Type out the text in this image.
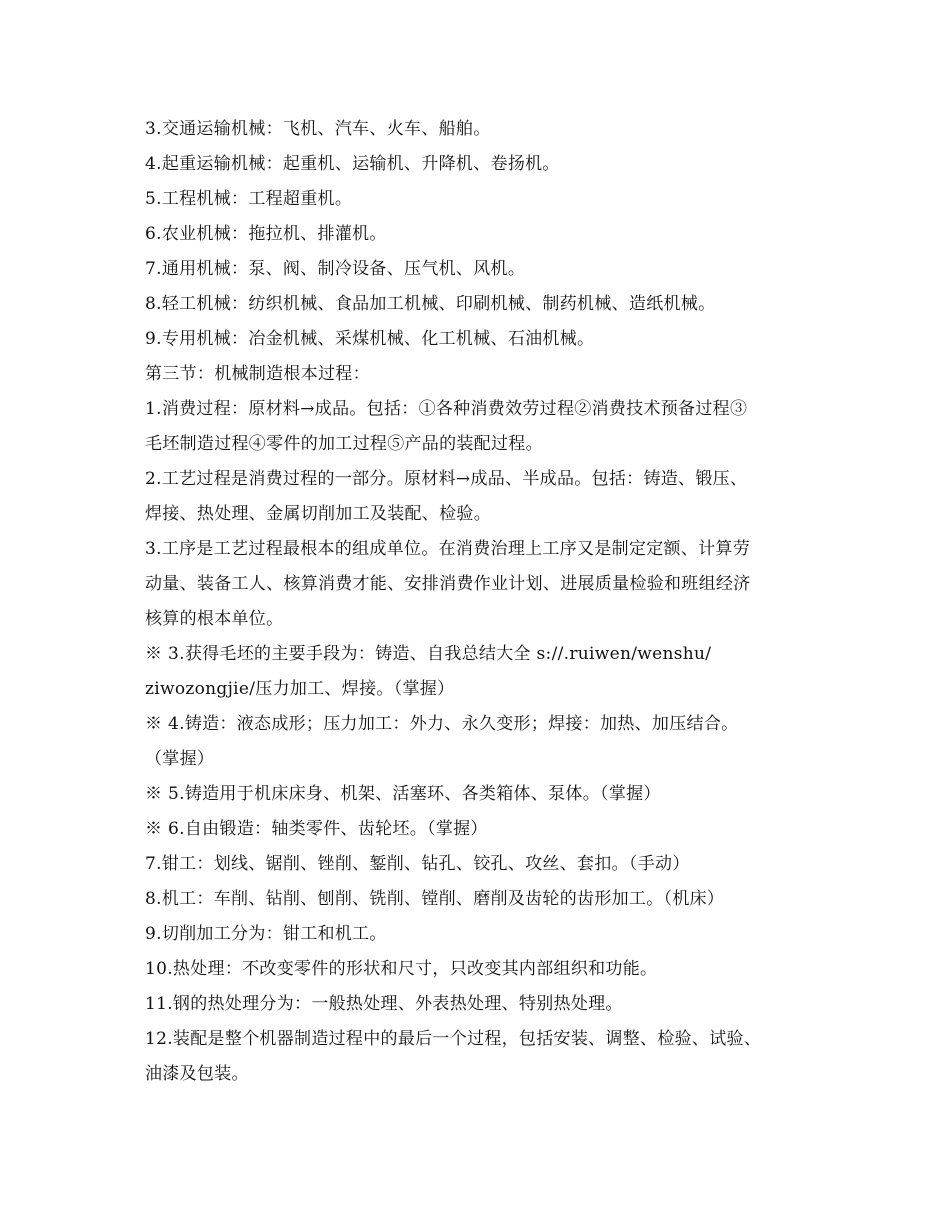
3.交通运输机械：飞机、汽车、火车、船舶。
4.起重运输机械：起重机、运输机、升降机、卷扬机。
5.工程机械：工程超重机。
6.农业机械：拖拉机、排灌机。
7.通用机械：泵、阀、制冷设备、压气机、风机。
8.轻工机械：纺织机械、食品加工机械、印刷机械、制药机械、造纸机械。
9.专用机械：冶金机械、采煤机械、化工机械、石油机械。
第三节：机械制造根本过程：
1.消费过程：原材料→成品。包括：①各种消费效劳过程②消费技术预备过程③
毛坯制造过程④零件的加工过程⑤产品的装配过程。
2.工艺过程是消费过程的一部分。原材料→成品、半成品。包括：铸造、锻压、
焊接、热处理、金属切削加工及装配、检验。
3.工序是工艺过程最根本的组成单位。在消费治理上工序又是制定定额、计算劳
动量、装备工人、核算消费才能、安排消费作业计划、进展质量检验和班组经济
核算的根本单位。
※ 3.获得毛坯的主要手段为：铸造、自我总结大全 s://.ruiwen/wenshu/
ziwozongjie/压力加工、焊接。（掌握）
※ 4.铸造：液态成形；压力加工：外力、永久变形；焊接：加热、加压结合。
（掌握）
※ 5.铸造用于机床床身、机架、活塞环、各类箱体、泵体。（掌握）
※ 6.自由锻造：轴类零件、齿轮坯。（掌握）
7.钳工：划线、锯削、锉削、錾削、钻孔、铰孔、攻丝、套扣。（手动）
8.机工：车削、钻削、刨削、铣削、镗削、磨削及齿轮的齿形加工。（机床）
9.切削加工分为：钳工和机工。
10.热处理：不改变零件的形状和尺寸，只改变其内部组织和功能。
11.钢的热处理分为：一般热处理、外表热处理、特别热处理。
12.装配是整个机器制造过程中的最后一个过程，包括安装、调整、检验、试验、
油漆及包装。
